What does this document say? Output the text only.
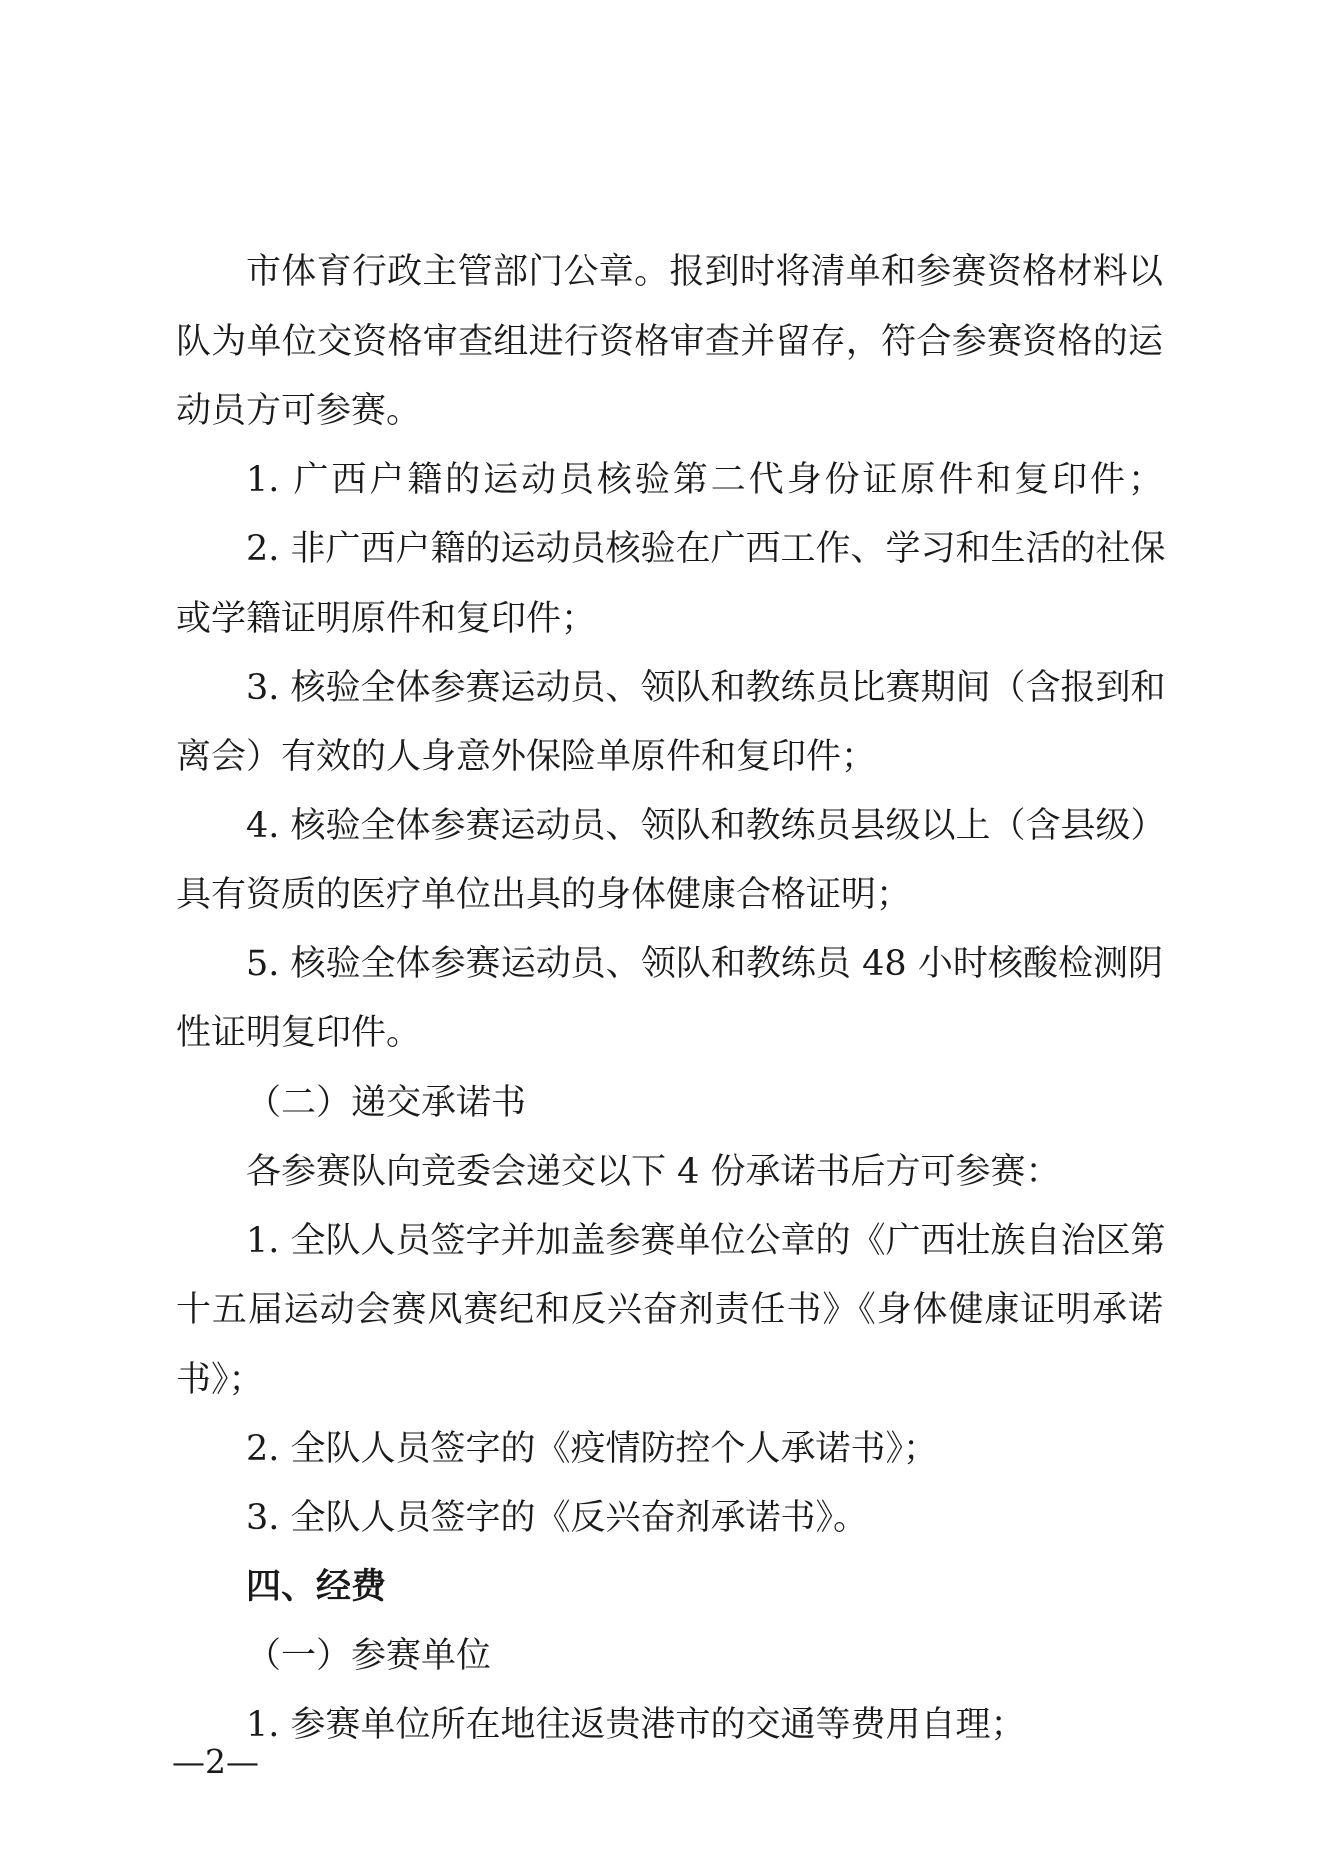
市体育行政主管部门公章。报到时将清单和参赛资格材料以
队为单位交资格审查组进行资格审查并留存，符合参赛资格的运
动员方可参赛。
1. 广西户籍的运动员核验第二代身份证原件和复印件；
2. 非广西户籍的运动员核验在广西工作、学习和生活的社保
或学籍证明原件和复印件；
3. 核验全体参赛运动员、领队和教练员比赛期间（含报到和
离会）有效的人身意外保险单原件和复印件；
4. 核验全体参赛运动员、领队和教练员县级以上（含县级）
具有资质的医疗单位出具的身体健康合格证明；
5. 核验全体参赛运动员、领队和教练员 48 小时核酸检测阴
性证明复印件。
（二）递交承诺书
各参赛队向竞委会递交以下 4 份承诺书后方可参赛：
1. 全队人员签字并加盖参赛单位公章的《广西壮族自治区第
十五届运动会赛风赛纪和反兴奋剂责任书》《身体健康证明承诺
书》；
2. 全队人员签字的《疫情防控个人承诺书》；
3. 全队人员签字的《反兴奋剂承诺书》。
四、经费
（一）参赛单位
1. 参赛单位所在地往返贵港市的交通等费用自理；
—2—
